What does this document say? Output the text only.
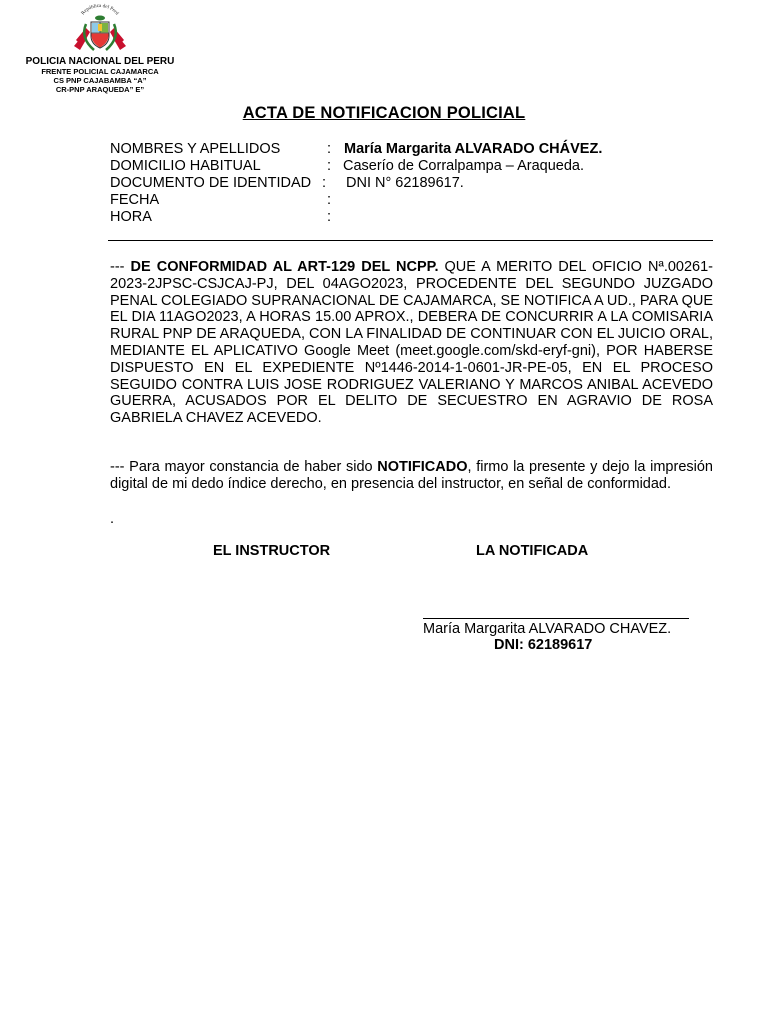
República del Perú
POLICIA NACIONAL DEL PERU
FRENTE POLICIAL CAJAMARCA
CS PNP CAJABAMBA “A”
CR-PNP ARAQUEDA” E”
ACTA DE NOTIFICACION POLICIAL
NOMBRES Y APELLIDOS	: María Margarita ALVARADO CHÁVEZ.
DOMICILIO HABITUAL	: Caserío de Corralpampa – Araqueda.
DOCUMENTO DE IDENTIDAD : DNI N° 62189617.
FECHA	:
HORA	:
--- DE CONFORMIDAD AL ART-129 DEL NCPP. QUE A MERITO DEL OFICIO Nª.00261-2023-2JPSC-CSJCAJ-PJ, DEL 04AGO2023, PROCEDENTE DEL SEGUNDO JUZGADO PENAL COLEGIADO SUPRANACIONAL DE CAJAMARCA, SE NOTIFICA A UD., PARA QUE EL DIA 11AGO2023, A HORAS 15.00 APROX., DEBERA DE CONCURRIR A LA COMISARIA RURAL PNP DE ARAQUEDA, CON LA FINALIDAD DE CONTINUAR CON EL JUICIO ORAL, MEDIANTE EL APLICATIVO Google Meet (meet.google.com/skd-eryf-gni), POR HABERSE DISPUESTO EN EL EXPEDIENTE Nº1446-2014-1-0601-JR-PE-05, EN EL PROCESO SEGUIDO CONTRA LUIS JOSE RODRIGUEZ VALERIANO Y MARCOS ANIBAL ACEVEDO GUERRA, ACUSADOS POR EL DELITO DE SECUESTRO EN AGRAVIO DE ROSA GABRIELA CHAVEZ ACEVEDO.
--- Para mayor constancia de haber sido NOTIFICADO, firmo la presente y dejo la impresión digital de mi dedo índice derecho, en presencia del instructor, en señal de conformidad.
.
EL INSTRUCTOR	LA NOTIFICADA
María Margarita ALVARADO CHAVEZ.
DNI: 62189617
